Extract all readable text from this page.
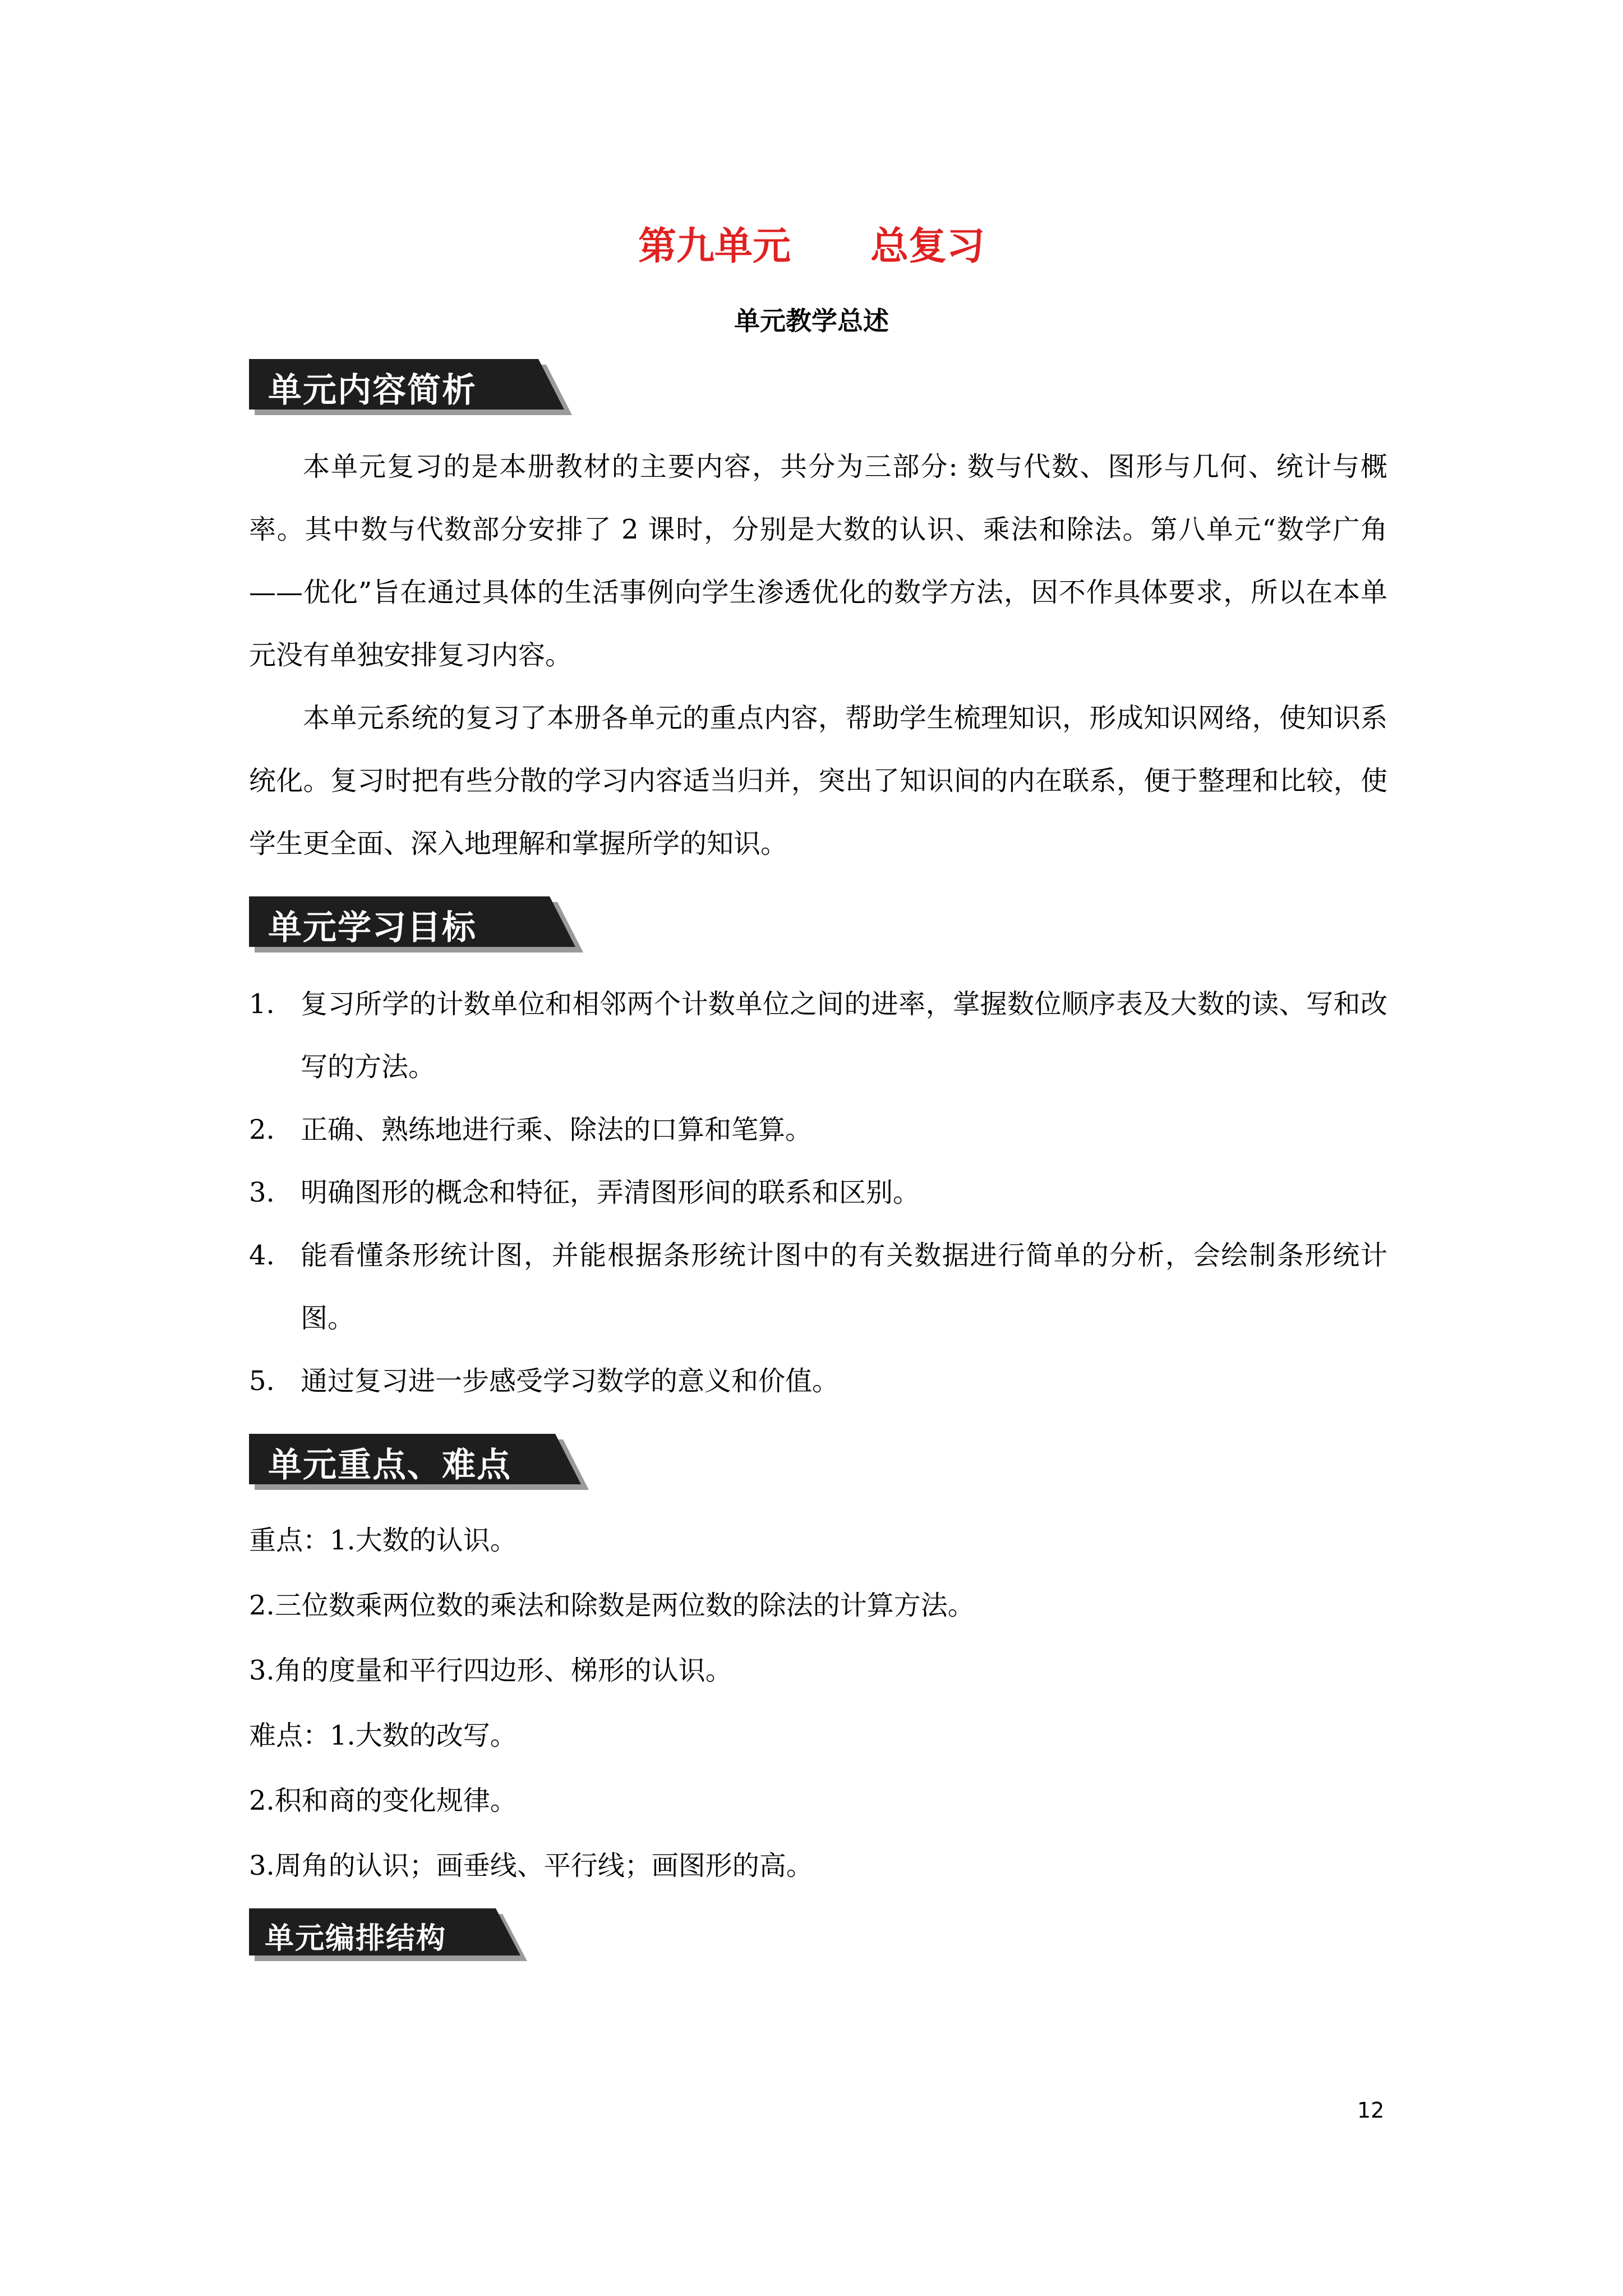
第九单元      总复习
单元教学总述
单元内容简析

本单元复习的是本册教材的主要内容，共分为三部分: 数与代数、图形与几何、统计与概率。其中数与代数部分安排了 2 课时，分别是大数的认识、乘法和除法。第八单元“数学广角——优化”旨在通过具体的生活事例向学生渗透优化的数学方法，因不作具体要求，所以在本单元没有单独安排复习内容。

本单元系统的复习了本册各单元的重点内容，帮助学生梳理知识，形成知识网络，使知识系统化。复习时把有些分散的学习内容适当归并，突出了知识间的内在联系，便于整理和比较，使学生更全面、深入地理解和掌握所学的知识。

单元学习目标
1. 复习所学的计数单位和相邻两个计数单位之间的进率，掌握数位顺序表及大数的读、写和改写的方法。
2. 正确、熟练地进行乘、除法的口算和笔算。
3. 明确图形的概念和特征，弄清图形间的联系和区别。
4. 能看懂条形统计图，并能根据条形统计图中的有关数据进行简单的分析，会绘制条形统计图。
5. 通过复习进一步感受学习数学的意义和价值。
单元重点、难点
重点：1.大数的认识。
2.三位数乘两位数的乘法和除数是两位数的除法的计算方法。
3.角的度量和平行四边形、梯形的认识。
难点：1.大数的改写。
2.积和商的变化规律。
3.周角的认识；画垂线、平行线；画图形的高。
单元编排结构
12
